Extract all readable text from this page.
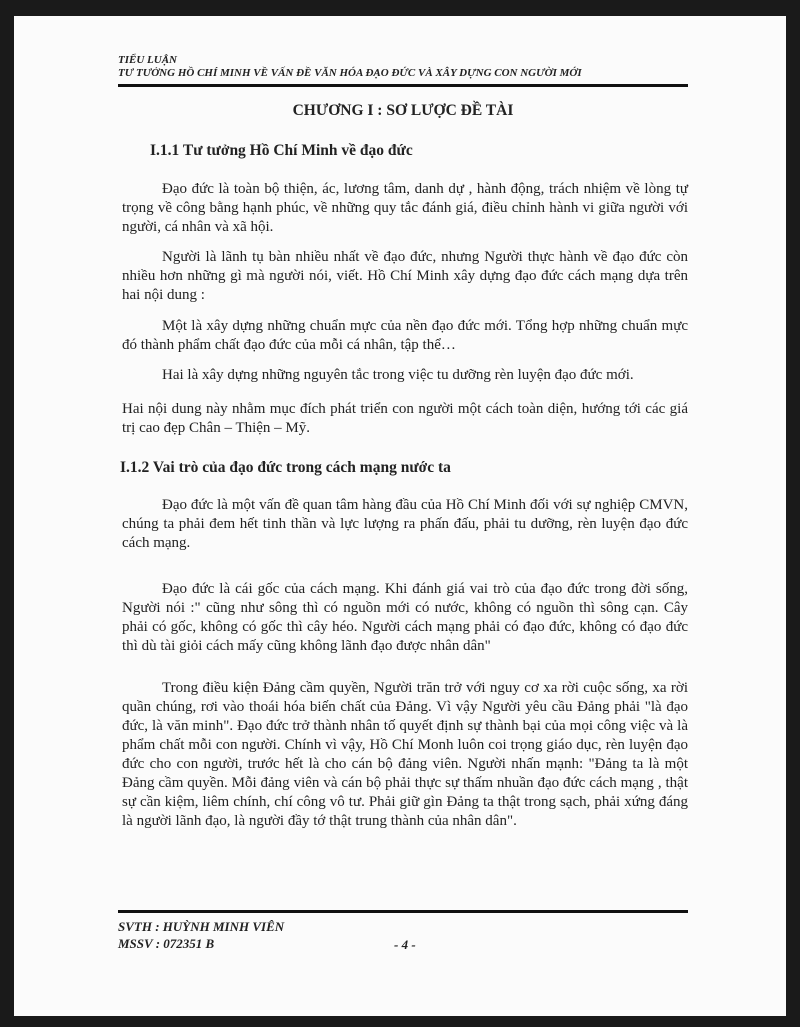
TIỂU LUẬN
TƯ TƯỞNG HỒ CHÍ MINH VỀ VẤN ĐỀ VĂN HÓA ĐẠO ĐỨC VÀ XÂY DỰNG CON NGƯỜI MỚI
CHƯƠNG I : SƠ LƯỢC ĐỀ TÀI
I.1.1 Tư tưởng Hồ Chí Minh về đạo đức

Đạo đức là toàn bộ thiện, ác, lương tâm, danh dự , hành động, trách nhiệm về lòng tự trọng về công bằng hạnh phúc, về những quy tắc đánh giá, điều chỉnh hành vi giữa người với người, cá nhân và xã hội.

Người là lãnh tụ bàn nhiều nhất về đạo đức, nhưng Người thực hành về đạo đức còn nhiều hơn những gì mà người nói, viết. Hồ Chí Minh xây dựng đạo đức cách mạng dựa trên hai nội dung :

Một là xây dựng những chuẩn mực của nền đạo đức mới. Tổng hợp những chuẩn mực đó thành phẩm chất đạo đức của mỗi cá nhân, tập thể…

Hai là xây dựng những nguyên tắc trong việc tu dưỡng rèn luyện đạo đức mới.

Hai nội dung này nhằm mục đích phát triển con người một cách toàn diện, hướng tới các giá trị cao đẹp Chân – Thiện – Mỹ.

I.1.2 Vai trò của đạo đức trong cách mạng nước ta

Đạo đức là một vấn đề quan tâm hàng đầu của Hồ Chí Minh đối với sự nghiệp CMVN, chúng ta phải đem hết tinh thần và lực lượng ra phấn đấu, phải tu dưỡng, rèn luyện đạo đức cách mạng.

Đạo đức là cái gốc của cách mạng. Khi đánh giá vai trò của đạo đức trong đời sống, Người nói :" cũng như sông thì có nguồn mới có nước, không có nguồn thì sông cạn. Cây phải có gốc, không có gốc thì cây héo. Người cách mạng phải có đạo đức, không có đạo đức thì dù tài giỏi cách mấy cũng không lãnh đạo được nhân dân"

Trong điều kiện Đảng cầm quyền, Người trăn trở với nguy cơ xa rời cuộc sống, xa rời quần chúng, rơi vào thoái hóa biến chất của Đảng. Vì vậy Người yêu cầu Đảng phải "là đạo đức, là văn minh". Đạo đức trở thành nhân tố quyết định sự thành bại của mọi công việc và là phẩm chất mỗi con người. Chính vì vậy, Hồ Chí Monh luôn coi trọng giáo dục, rèn luyện đạo đức cho con người, trước hết là cho cán bộ đảng viên. Người nhấn mạnh: "Đảng ta là một Đảng cầm quyền. Mỗi đảng viên và cán bộ phải thực sự thấm nhuần đạo đức cách mạng , thật sự cần kiệm, liêm chính, chí công vô tư. Phải giữ gìn Đảng ta thật trong sạch, phải xứng đáng là người lãnh đạo, là người đầy tớ thật trung thành của nhân dân".

SVTH : HUỲNH MINH VIÊN
MSSV : 072351 B	- 4 -
